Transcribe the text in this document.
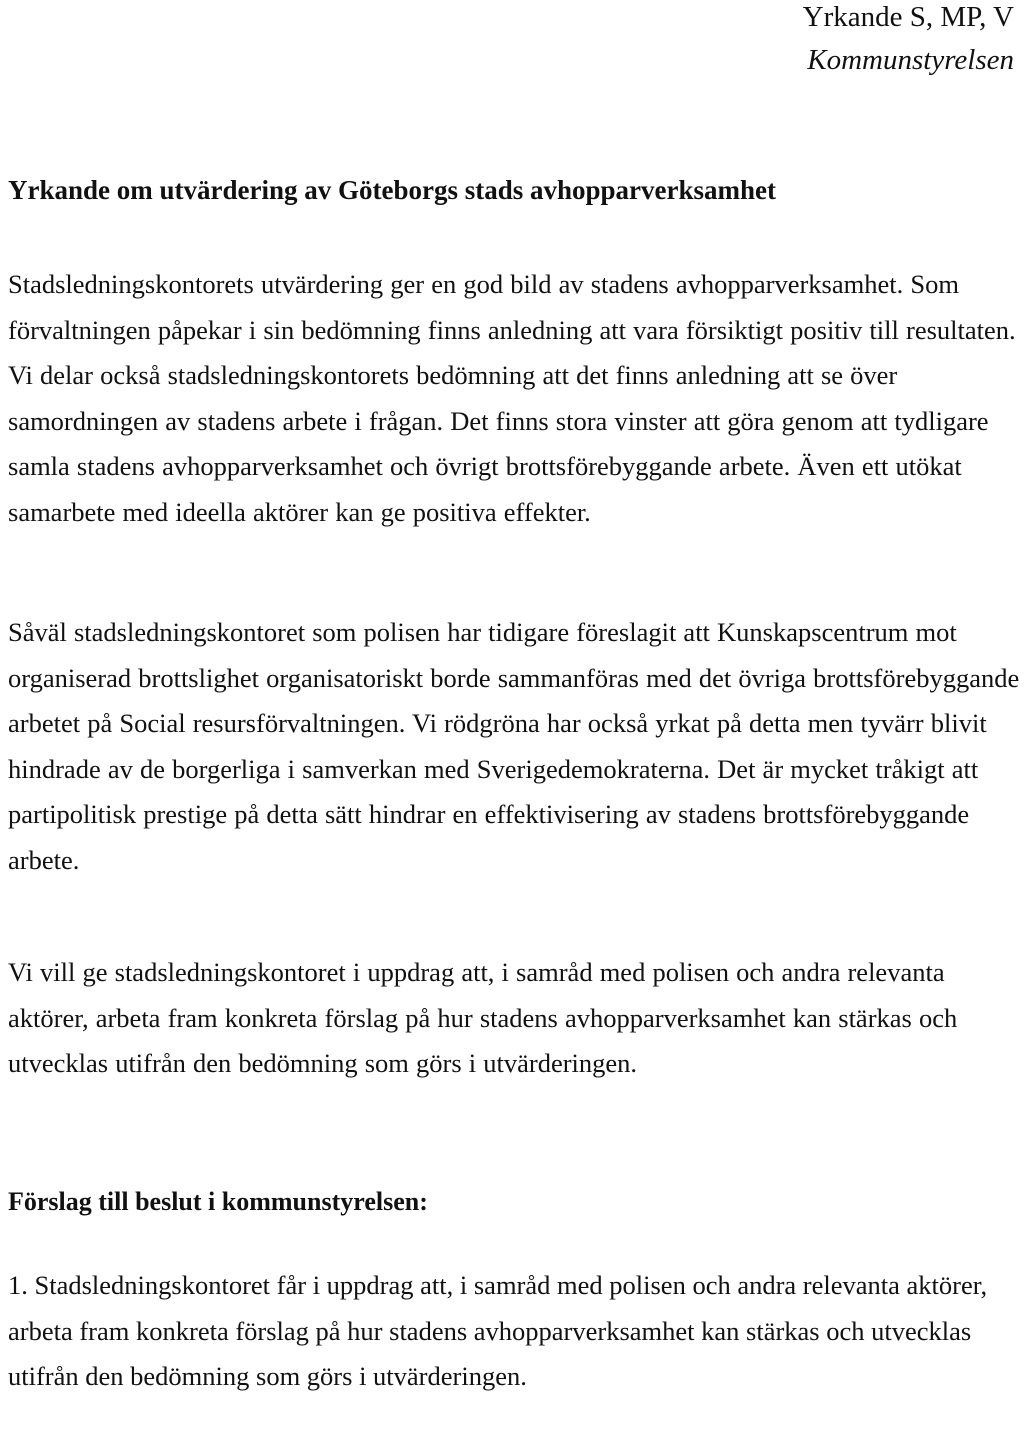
Yrkande S, MP, V
Kommunstyrelsen
Yrkande om utvärdering av Göteborgs stads avhopparverksamhet

Stadsledningskontorets utvärdering ger en god bild av stadens avhopparverksamhet. Som förvaltningen påpekar i sin bedömning finns anledning att vara försiktigt positiv till resultaten. Vi delar också stadsledningskontorets bedömning att det finns anledning att se över samordningen av stadens arbete i frågan. Det finns stora vinster att göra genom att tydligare samla stadens avhopparverksamhet och övrigt brottsförebyggande arbete. Även ett utökat samarbete med ideella aktörer kan ge positiva effekter.

Såväl stadsledningskontoret som polisen har tidigare föreslagit att Kunskapscentrum mot organiserad brottslighet organisatoriskt borde sammanföras med det övriga brottsförebyggande arbetet på Social resursförvaltningen. Vi rödgröna har också yrkat på detta men tyvärr blivit hindrade av de borgerliga i samverkan med Sverigedemokraterna. Det är mycket tråkigt att partipolitisk prestige på detta sätt hindrar en effektivisering av stadens brottsförebyggande arbete.

Vi vill ge stadsledningskontoret i uppdrag att, i samråd med polisen och andra relevanta aktörer, arbeta fram konkreta förslag på hur stadens avhopparverksamhet kan stärkas och utvecklas utifrån den bedömning som görs i utvärderingen.

Förslag till beslut i kommunstyrelsen:

1. Stadsledningskontoret får i uppdrag att, i samråd med polisen och andra relevanta aktörer, arbeta fram konkreta förslag på hur stadens avhopparverksamhet kan stärkas och utvecklas utifrån den bedömning som görs i utvärderingen.
